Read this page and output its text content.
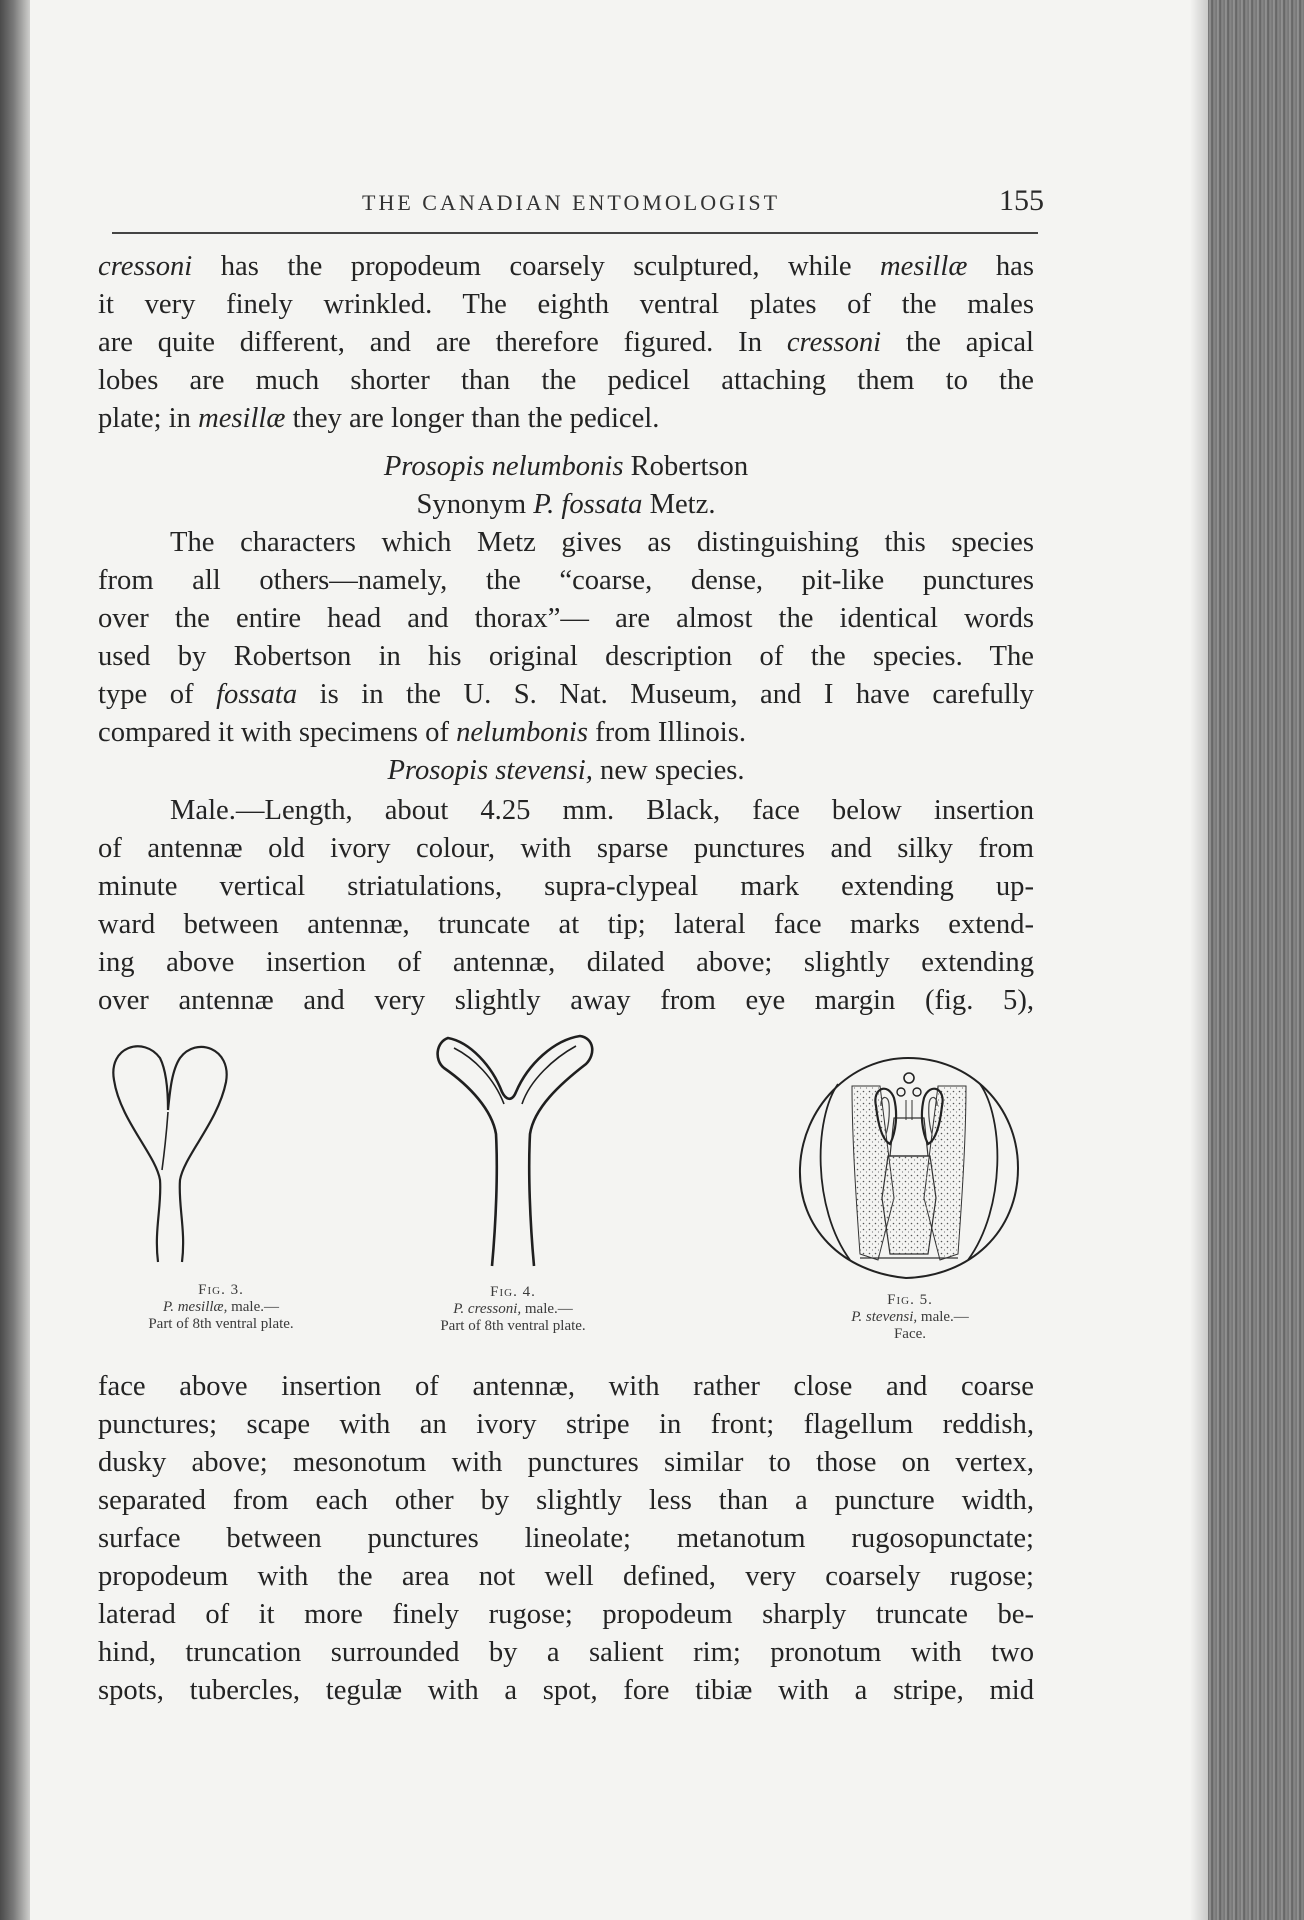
THE CANADIAN ENTOMOLOGIST	155
cressoni has the propodeum coarsely sculptured, while mesillæ has
it very finely wrinkled. The eighth ventral plates of the males
are quite different, and are therefore figured. In cressoni the apical
lobes are much shorter than the pedicel attaching them to the
plate; in mesillæ they are longer than the pedicel.
Prosopis nelumbonis Robertson
Synonym P. fossata Metz.
The characters which Metz gives as distinguishing this species
from all others—namely, the “coarse, dense, pit-like punctures
over the entire head and thorax”— are almost the identical words
used by Robertson in his original description of the species. The
type of fossata is in the U. S. Nat. Museum, and I have carefully
compared it with specimens of nelumbonis from Illinois.
Prosopis stevensi, new species.
Male.—Length, about 4.25 mm. Black, face below insertion
of antennæ old ivory colour, with sparse punctures and silky from
minute vertical striatulations, supra-clypeal mark extending up-
ward between antennæ, truncate at tip; lateral face marks extend-
ing above insertion of antennæ, dilated above; slightly extending
over antennæ and very slightly away from eye margin (fig. 5),
Fig. 3.
P. mesillæ, male.—
Part of 8th ventral plate.
Fig. 4.
P. cressoni, male.—
Part of 8th ventral plate.
Fig. 5.
P. stevensi, male.—
Face.
face above insertion of antennæ, with rather close and coarse
punctures; scape with an ivory stripe in front; flagellum reddish,
dusky above; mesonotum with punctures similar to those on vertex,
separated from each other by slightly less than a puncture width,
surface between punctures lineolate; metanotum rugosopunctate;
propodeum with the area not well defined, very coarsely rugose;
laterad of it more finely rugose; propodeum sharply truncate be-
hind, truncation surrounded by a salient rim; pronotum with two
spots, tubercles, tegulæ with a spot, fore tibiæ with a stripe, mid
